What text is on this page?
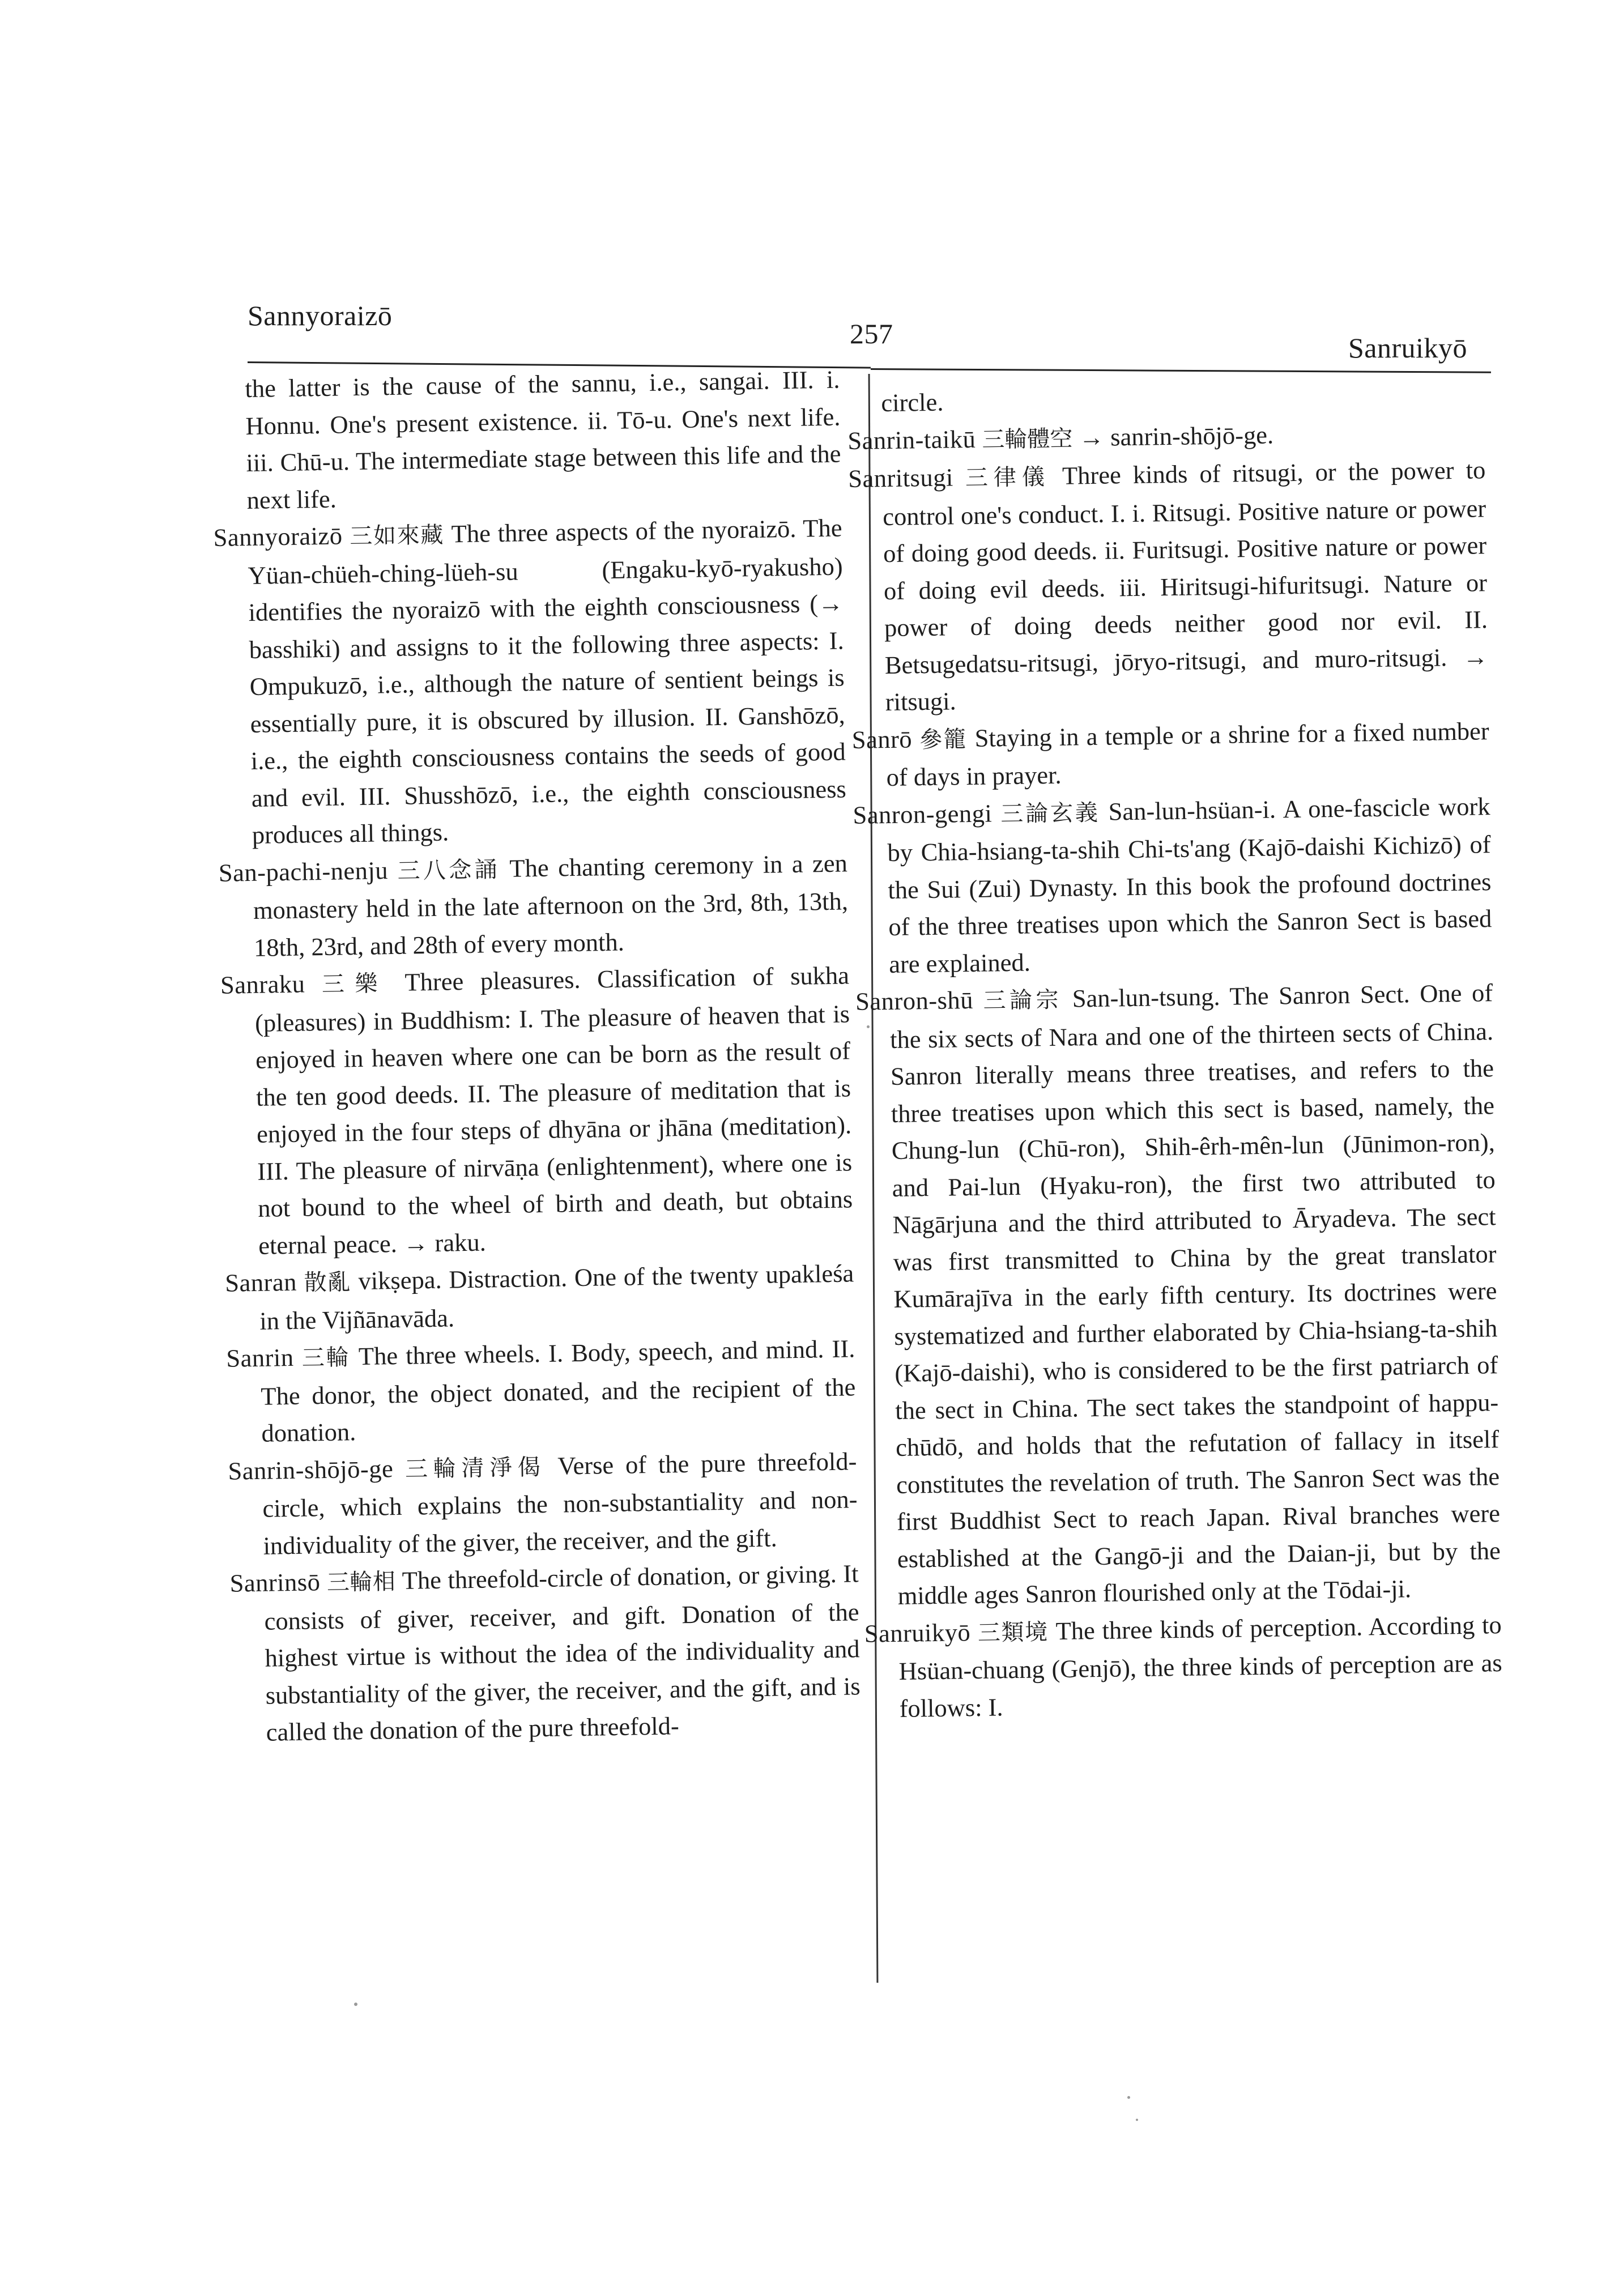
Sannyoraizō
257	Sanruikyō

the latter is the cause of the sannu, i.e., sangai. III. i. Honnu. One's present existence. ii. Tō-u. One's next life. iii. Chū-u. The intermediate stage between this life and the next life.

Sannyoraizō 三如來藏 The three aspects of the nyoraizō. The Yüan-chüeh-ching-lüeh-su (Engaku-kyō-ryakusho) identifies the nyoraizō with the eighth consciousness (→ basshiki) and assigns to it the following three aspects: I. Ompukuzō, i.e., although the nature of sentient beings is essentially pure, it is obscured by illusion. II. Ganshōzō, i.e., the eighth consciousness contains the seeds of good and evil. III. Shusshōzō, i.e., the eighth consciousness produces all things.

San-pachi-nenju 三八念誦 The chanting ceremony in a zen monastery held in the late afternoon on the 3rd, 8th, 13th, 18th, 23rd, and 28th of every month.

Sanraku 三樂 Three pleasures. Classification of sukha (pleasures) in Buddhism: I. The pleasure of heaven that is enjoyed in heaven where one can be born as the result of the ten good deeds. II. The pleasure of meditation that is enjoyed in the four steps of dhyāna or jhāna (meditation). III. The pleasure of nirvāṇa (enlightenment), where one is not bound to the wheel of birth and death, but obtains eternal peace. → raku.

Sanran 散亂 vikṣepa. Distraction. One of the twenty upakleśa in the Vijñānavāda.

Sanrin 三輪 The three wheels. I. Body, speech, and mind. II. The donor, the object donated, and the recipient of the donation.

Sanrin-shōjō-ge 三輪清淨偈 Verse of the pure threefold-circle, which explains the non-substantiality and non-individuality of the giver, the receiver, and the gift.

Sanrinsō 三輪相 The threefold-circle of donation, or giving. It consists of giver, receiver, and gift. Donation of the highest virtue is without the idea of the individuality and substantiality of the giver, the receiver, and the gift, and is called the donation of the pure threefold-

circle.

Sanrin-taikū 三輪體空 → sanrin-shōjō-ge.

Sanritsugi 三律儀 Three kinds of ritsugi, or the power to control one's conduct. I. i. Ritsugi. Positive nature or power of doing good deeds. ii. Furitsugi. Positive nature or power of doing evil deeds. iii. Hiritsugi-hifuritsugi. Nature or power of doing deeds neither good nor evil. II. Betsugedatsu-ritsugi, jōryo-ritsugi, and muro-ritsugi. → ritsugi.

Sanrō 參籠 Staying in a temple or a shrine for a fixed number of days in prayer.

Sanron-gengi 三論玄義 San-lun-hsüan-i. A one-fascicle work by Chia-hsiang-ta-shih Chi-ts'ang (Kajō-daishi Kichizō) of the Sui (Zui) Dynasty. In this book the profound doctrines of the three treatises upon which the Sanron Sect is based are explained.

Sanron-shū 三論宗 San-lun-tsung. The Sanron Sect. One of the six sects of Nara and one of the thirteen sects of China. Sanron literally means three treatises, and refers to the three treatises upon which this sect is based, namely, the Chung-lun (Chū-ron), Shih-êrh-mên-lun (Jūnimon-ron), and Pai-lun (Hyaku-ron), the first two attributed to Nāgārjuna and the third attributed to Āryadeva. The sect was first transmitted to China by the great translator Kumārajīva in the early fifth century. Its doctrines were systematized and further elaborated by Chia-hsiang-ta-shih (Kajō-daishi), who is considered to be the first patriarch of the sect in China. The sect takes the standpoint of happu-chūdō, and holds that the refutation of fallacy in itself constitutes the revelation of truth. The Sanron Sect was the first Buddhist Sect to reach Japan. Rival branches were established at the Gangō-ji and the Daian-ji, but by the middle ages Sanron flourished only at the Tōdai-ji.

Sanruikyō 三類境 The three kinds of perception. According to Hsüan-chuang (Genjō), the three kinds of perception are as follows: I.
